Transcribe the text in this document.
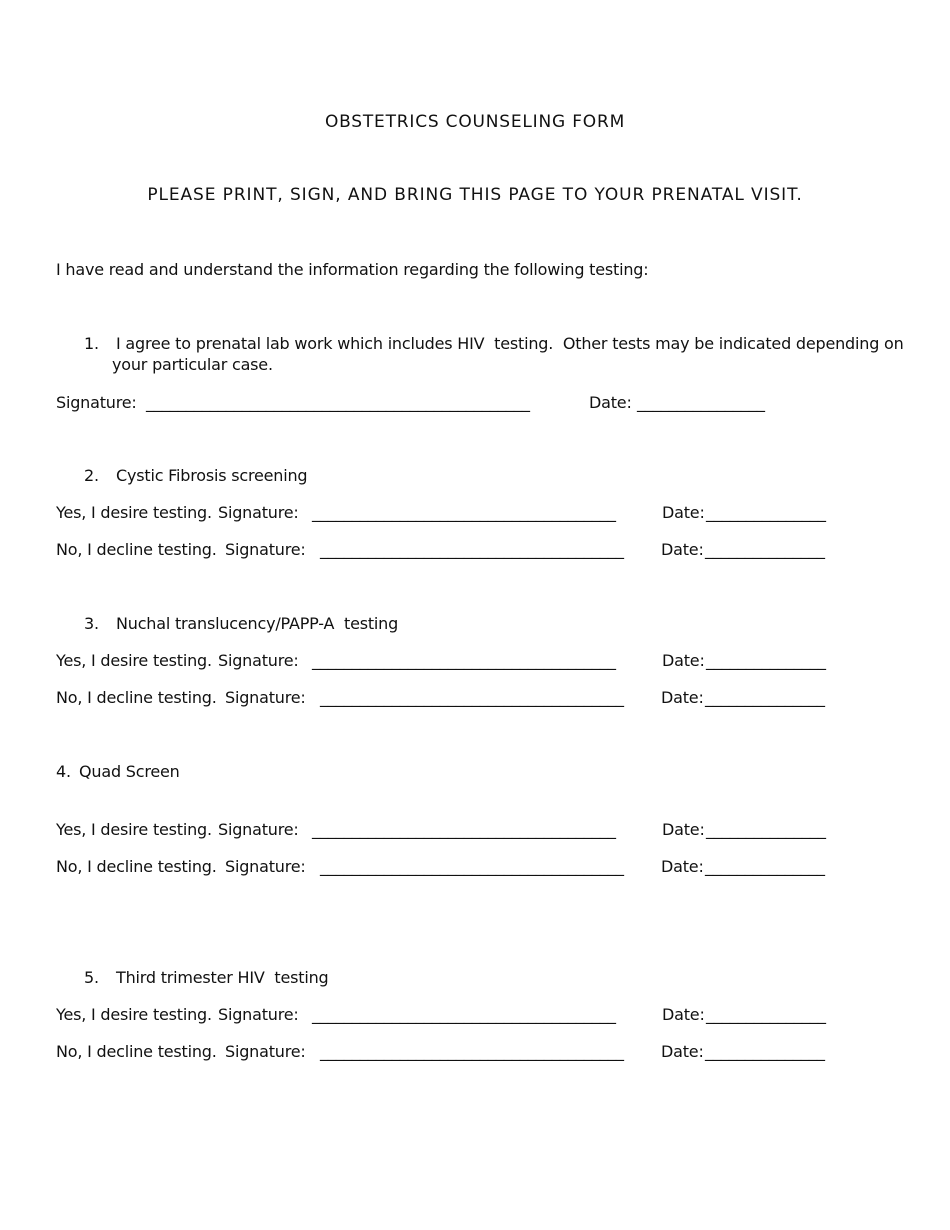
OBSTETRICS COUNSELING FORM
PLEASE PRINT, SIGN, AND BRING THIS PAGE TO YOUR PRENATAL VISIT.
I have read and understand the information regarding the following testing:
1. I agree to prenatal lab work which includes HIV  testing.  Other tests may be indicated depending on
your particular case.
Signature: ________________________________________________	Date: ________________
2. Cystic Fibrosis screening
Yes, I desire testing. Signature: ______________________________________	Date: _______________
No, I decline testing. Signature: ______________________________________ Date: _______________
3. Nuchal translucency/PAPP-A  testing
Yes, I desire testing. Signature: ______________________________________	Date: _______________
No, I decline testing. Signature: ______________________________________ Date: _______________
4. Quad Screen
Yes, I desire testing. Signature: ______________________________________	Date: _______________
No, I decline testing. Signature: ______________________________________ Date: _______________
5. Third trimester HIV  testing
Yes, I desire testing. Signature: ______________________________________	Date: _______________
No, I decline testing. Signature: ______________________________________ Date: _______________
